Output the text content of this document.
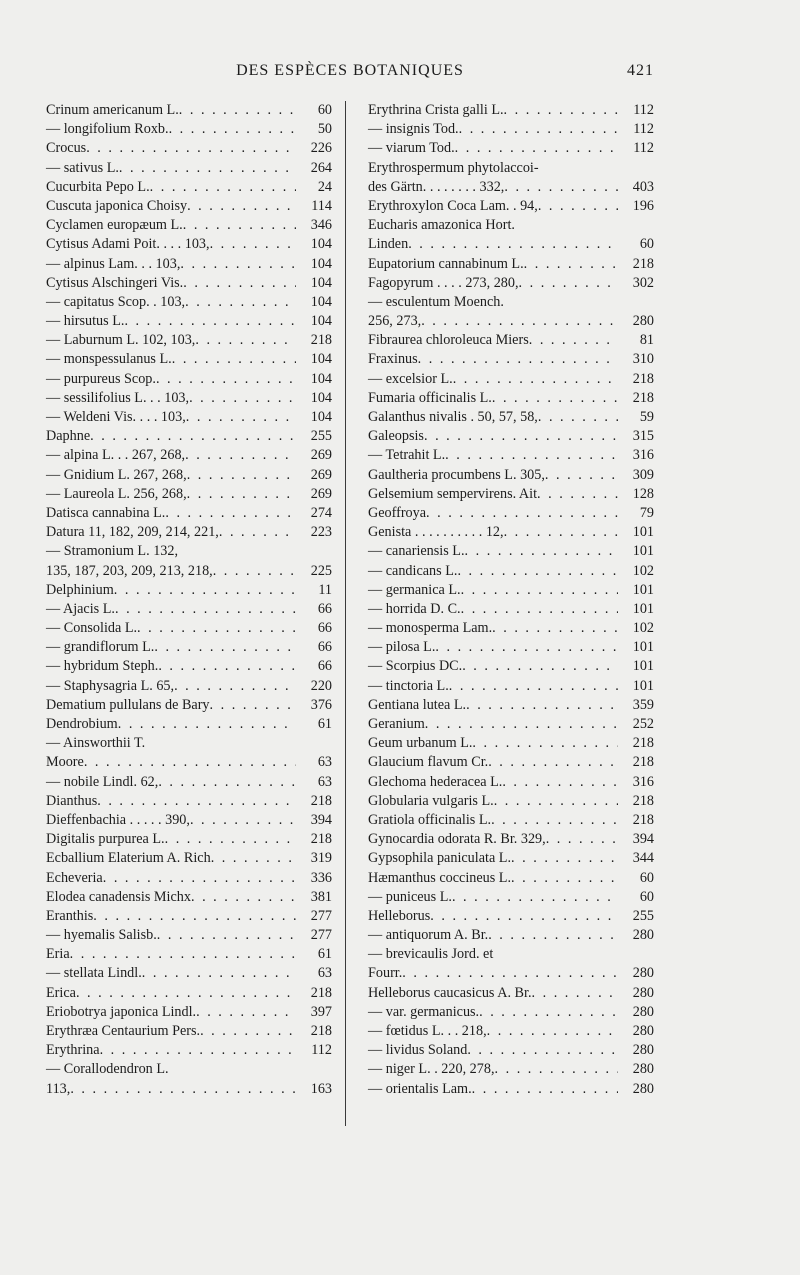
DES ESPÈCES BOTANIQUES	421
Crinum americanum L. . . .	60
— longifolium Roxb. . . .	50
Crocus . . .	226
— sativus L. . . .	264
Cucurbita Pepo L. . . .	24
Cuscuta japonica Choisy . . .	114
Cyclamen europæum L. . . .	346
Cytisus Adami Poit. . . . 103, . . .	104
— alpinus Lam. . . 103, . . .	104
Cytisus Alschingeri Vis. . . .	104
— capitatus Scop. . 103, . . .	104
— hirsutus L. . . .	104
— Laburnum L. 102, 103, . . .	218
— monspessulanus L. . . .	104
— purpureus Scop. . . .	104
— sessilifolius L. . . 103, . . .	104
— Weldeni Vis. . . . 103, . . .	104
Daphne . . .	255
— alpina L. . . 267, 268, . . .	269
— Gnidium L. 267, 268, . . .	269
— Laureola L. 256, 268, . . .	269
Datisca cannabina L. . . .	274
Datura 11, 182, 209, 214, 221, . . .	223
— Stramonium L. 132,
135, 187, 203, 209, 213, 218, . . .	225
Delphinium . . .	11
— Ajacis L. . . .	66
— Consolida L. . . .	66
— grandiflorum L. . . .	66
— hybridum Steph. . . .	66
— Staphysagria L. 65, . . .	220
Dematium pullulans de Bary . . .	376
Dendrobium . . .	61
— Ainsworthii T.
Moore . . .	63
— nobile Lindl. 62, . . .	63
Dianthus . . .	218
Dieffenbachia . . . . . 390, . . .	394
Digitalis purpurea L. . . .	218
Ecballium Elaterium A. Rich . . .	319
Echeveria . . .	336
Elodea canadensis Michx . . .	381
Eranthis . . .	277
— hyemalis Salisb. . . .	277
Eria . . .	61
— stellata Lindl. . . .	63
Erica . . .	218
Eriobotrya japonica Lindl. . . .	397
Erythræa Centaurium Pers. . . .	218
Erythrina . . .	112
— Corallodendron L.
113, . . .	163
Erythrina Crista galli L. . . .	112
— insignis Tod. . . .	112
— viarum Tod. . . .	112
Erythrospermum phytolaccoi-
des Gärtn. . . . . . . . 332, . . .	403
Erythroxylon Coca Lam. . 94, . . .	196
Eucharis amazonica Hort.
Linden . . .	60
Eupatorium cannabinum L. . . .	218
Fagopyrum . . . . 273, 280, . . .	302
— esculentum Moench.
256, 273, . . .	280
Fibraurea chloroleuca Miers . . .	81
Fraxinus . . .	310
— excelsior L. . . .	218
Fumaria officinalis L. . . .	218
Galanthus nivalis . 50, 57, 58, . . .	59
Galeopsis . . .	315
— Tetrahit L. . . .	316
Gaultheria procumbens L. 305, . . .	309
Gelsemium sempervirens. Ait . . .	128
Geoffroya . . .	79
Genista . . . . . . . . . . 12, . . .	101
— canariensis L. . . .	101
— candicans L. . . .	102
— germanica L. . . .	101
— horrida D. C. . . .	101
— monosperma Lam. . . .	102
— pilosa L. . . .	101
— Scorpius DC. . . .	101
— tinctoria L. . . .	101
Gentiana lutea L. . . .	359
Geranium . . .	252
Geum urbanum L. . . .	218
Glaucium flavum Cr. . . .	218
Glechoma hederacea L. . . .	316
Globularia vulgaris L. . . .	218
Gratiola officinalis L. . . .	218
Gynocardia odorata R. Br. 329, . . .	394
Gypsophila paniculata L. . . .	344
Hæmanthus coccineus L. . . .	60
— puniceus L. . . .	60
Helleborus . . .	255
— antiquorum A. Br. . . .	280
— brevicaulis Jord. et
Fourr. . . .	280
Helleborus caucasicus A. Br. . . .	280
— var. germanicus. . . .	280
— fœtidus L. . . 218, . . .	280
— lividus Soland . . .	280
— niger L. . 220, 278, . . .	280
— orientalis Lam. . . .	280
